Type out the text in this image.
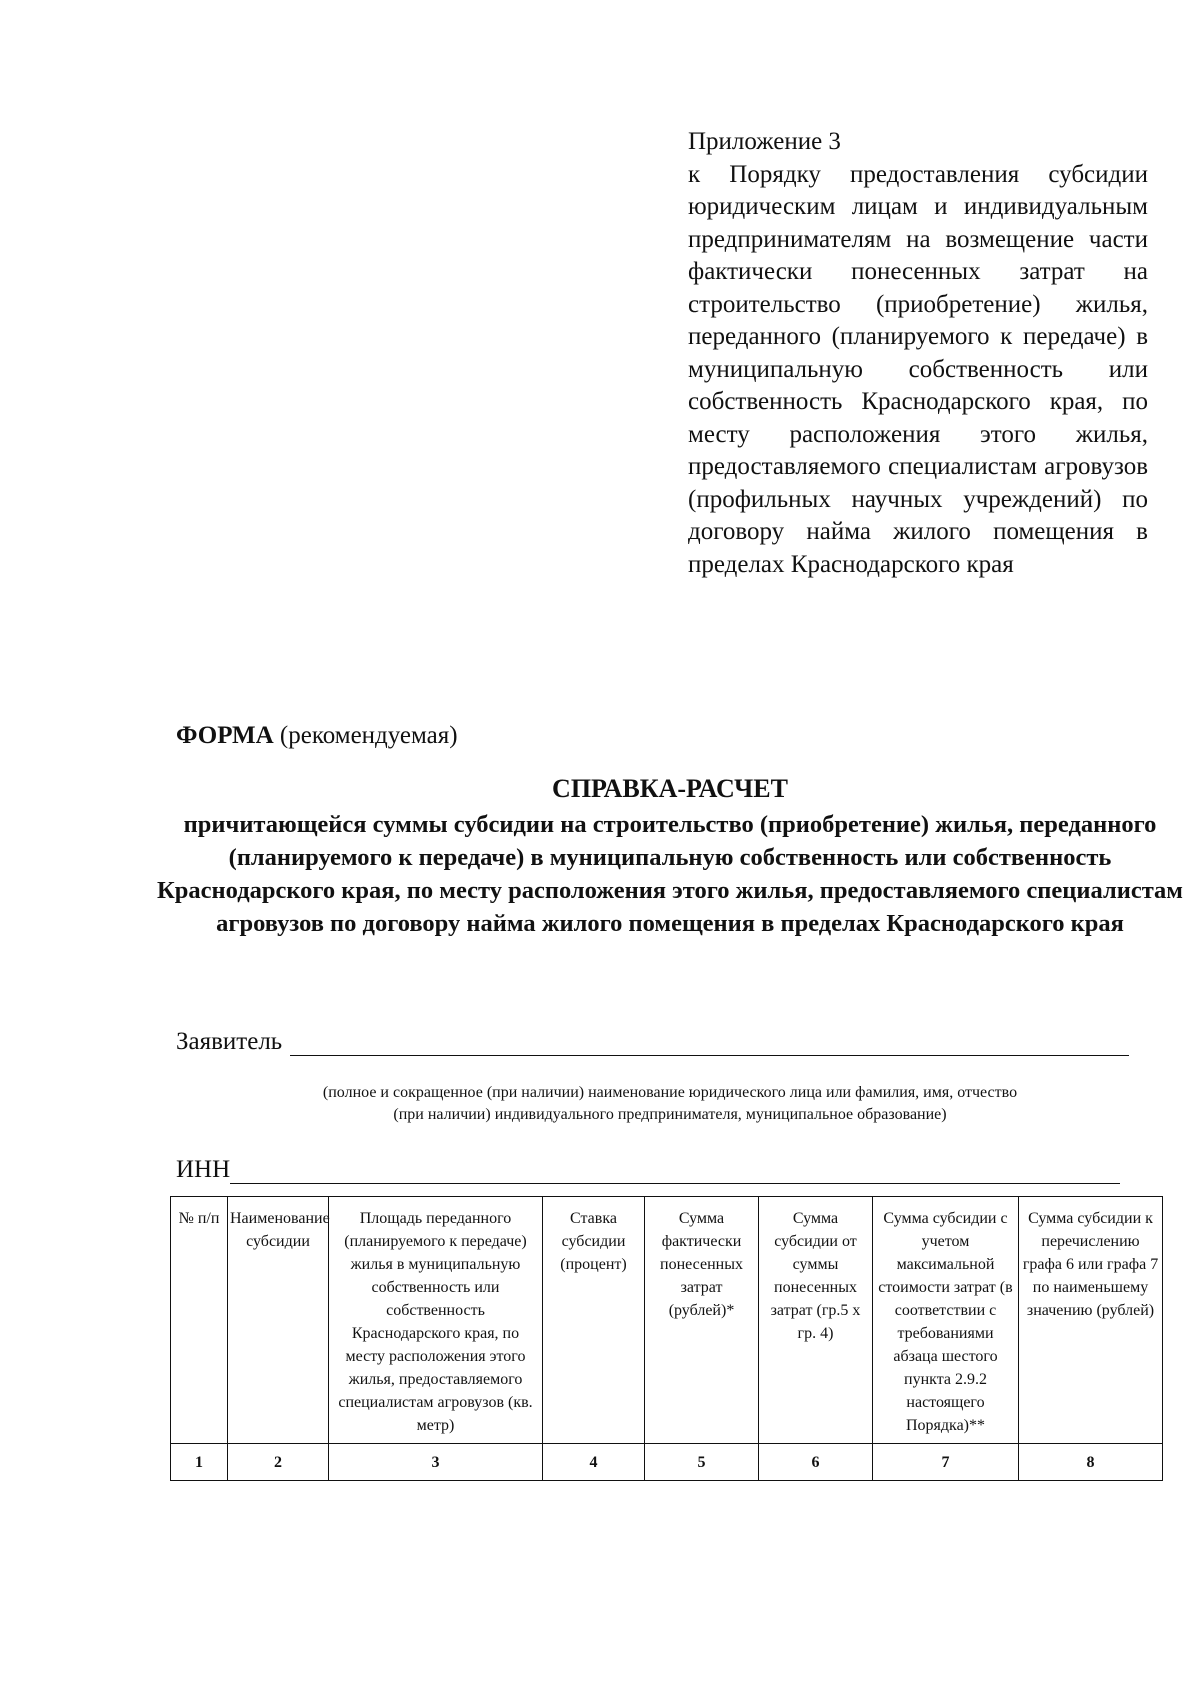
Приложение 3
к Порядку предоставления субсидии юридическим лицам и индивидуальным предпринимателям на возмещение части фактически понесенных затрат на строительство (приобретение) жилья, переданного (планируемого к передаче) в муниципальную собственность или собственность Краснодарского края, по месту расположения этого жилья, предоставляемого специалистам агровузов (профильных научных учреждений) по договору найма жилого помещения в пределах Краснодарского края
ФОРМА (рекомендуемая)
СПРАВКА-РАСЧЕТ
причитающейся суммы субсидии на строительство (приобретение) жилья, переданного (планируемого к передаче) в муниципальную собственность или собственность Краснодарского края, по месту расположения этого жилья, предоставляемого специалистам агровузов по договору найма жилого помещения в пределах Краснодарского края
Заявитель
(полное и сокращенное (при наличии) наименование юридического лица или фамилия, имя, отчество
(при наличии) индивидуального предпринимателя, муниципальное образование)
ИНН
№ п/п	Наименование субсидии	Площадь переданного (планируемого к передаче) жилья в муниципальную собственность или собственность Краснодарского края, по месту расположения этого жилья, предоставляемого специалистам агровузов (кв. метр)	Ставка субсидии (процент)	Сумма фактически понесенных затрат (рублей)*	Сумма субсидии от суммы понесенных затрат (гр.5 х гр. 4)	Сумма субсидии с учетом максимальной стоимости затрат (в соответствии с требованиями абзаца шестого пункта 2.9.2 настоящего Порядка)**	Сумма субсидии к перечислению графа 6 или графа 7 по наименьшему значению (рублей)
1	2	3	4	5	6	7	8
